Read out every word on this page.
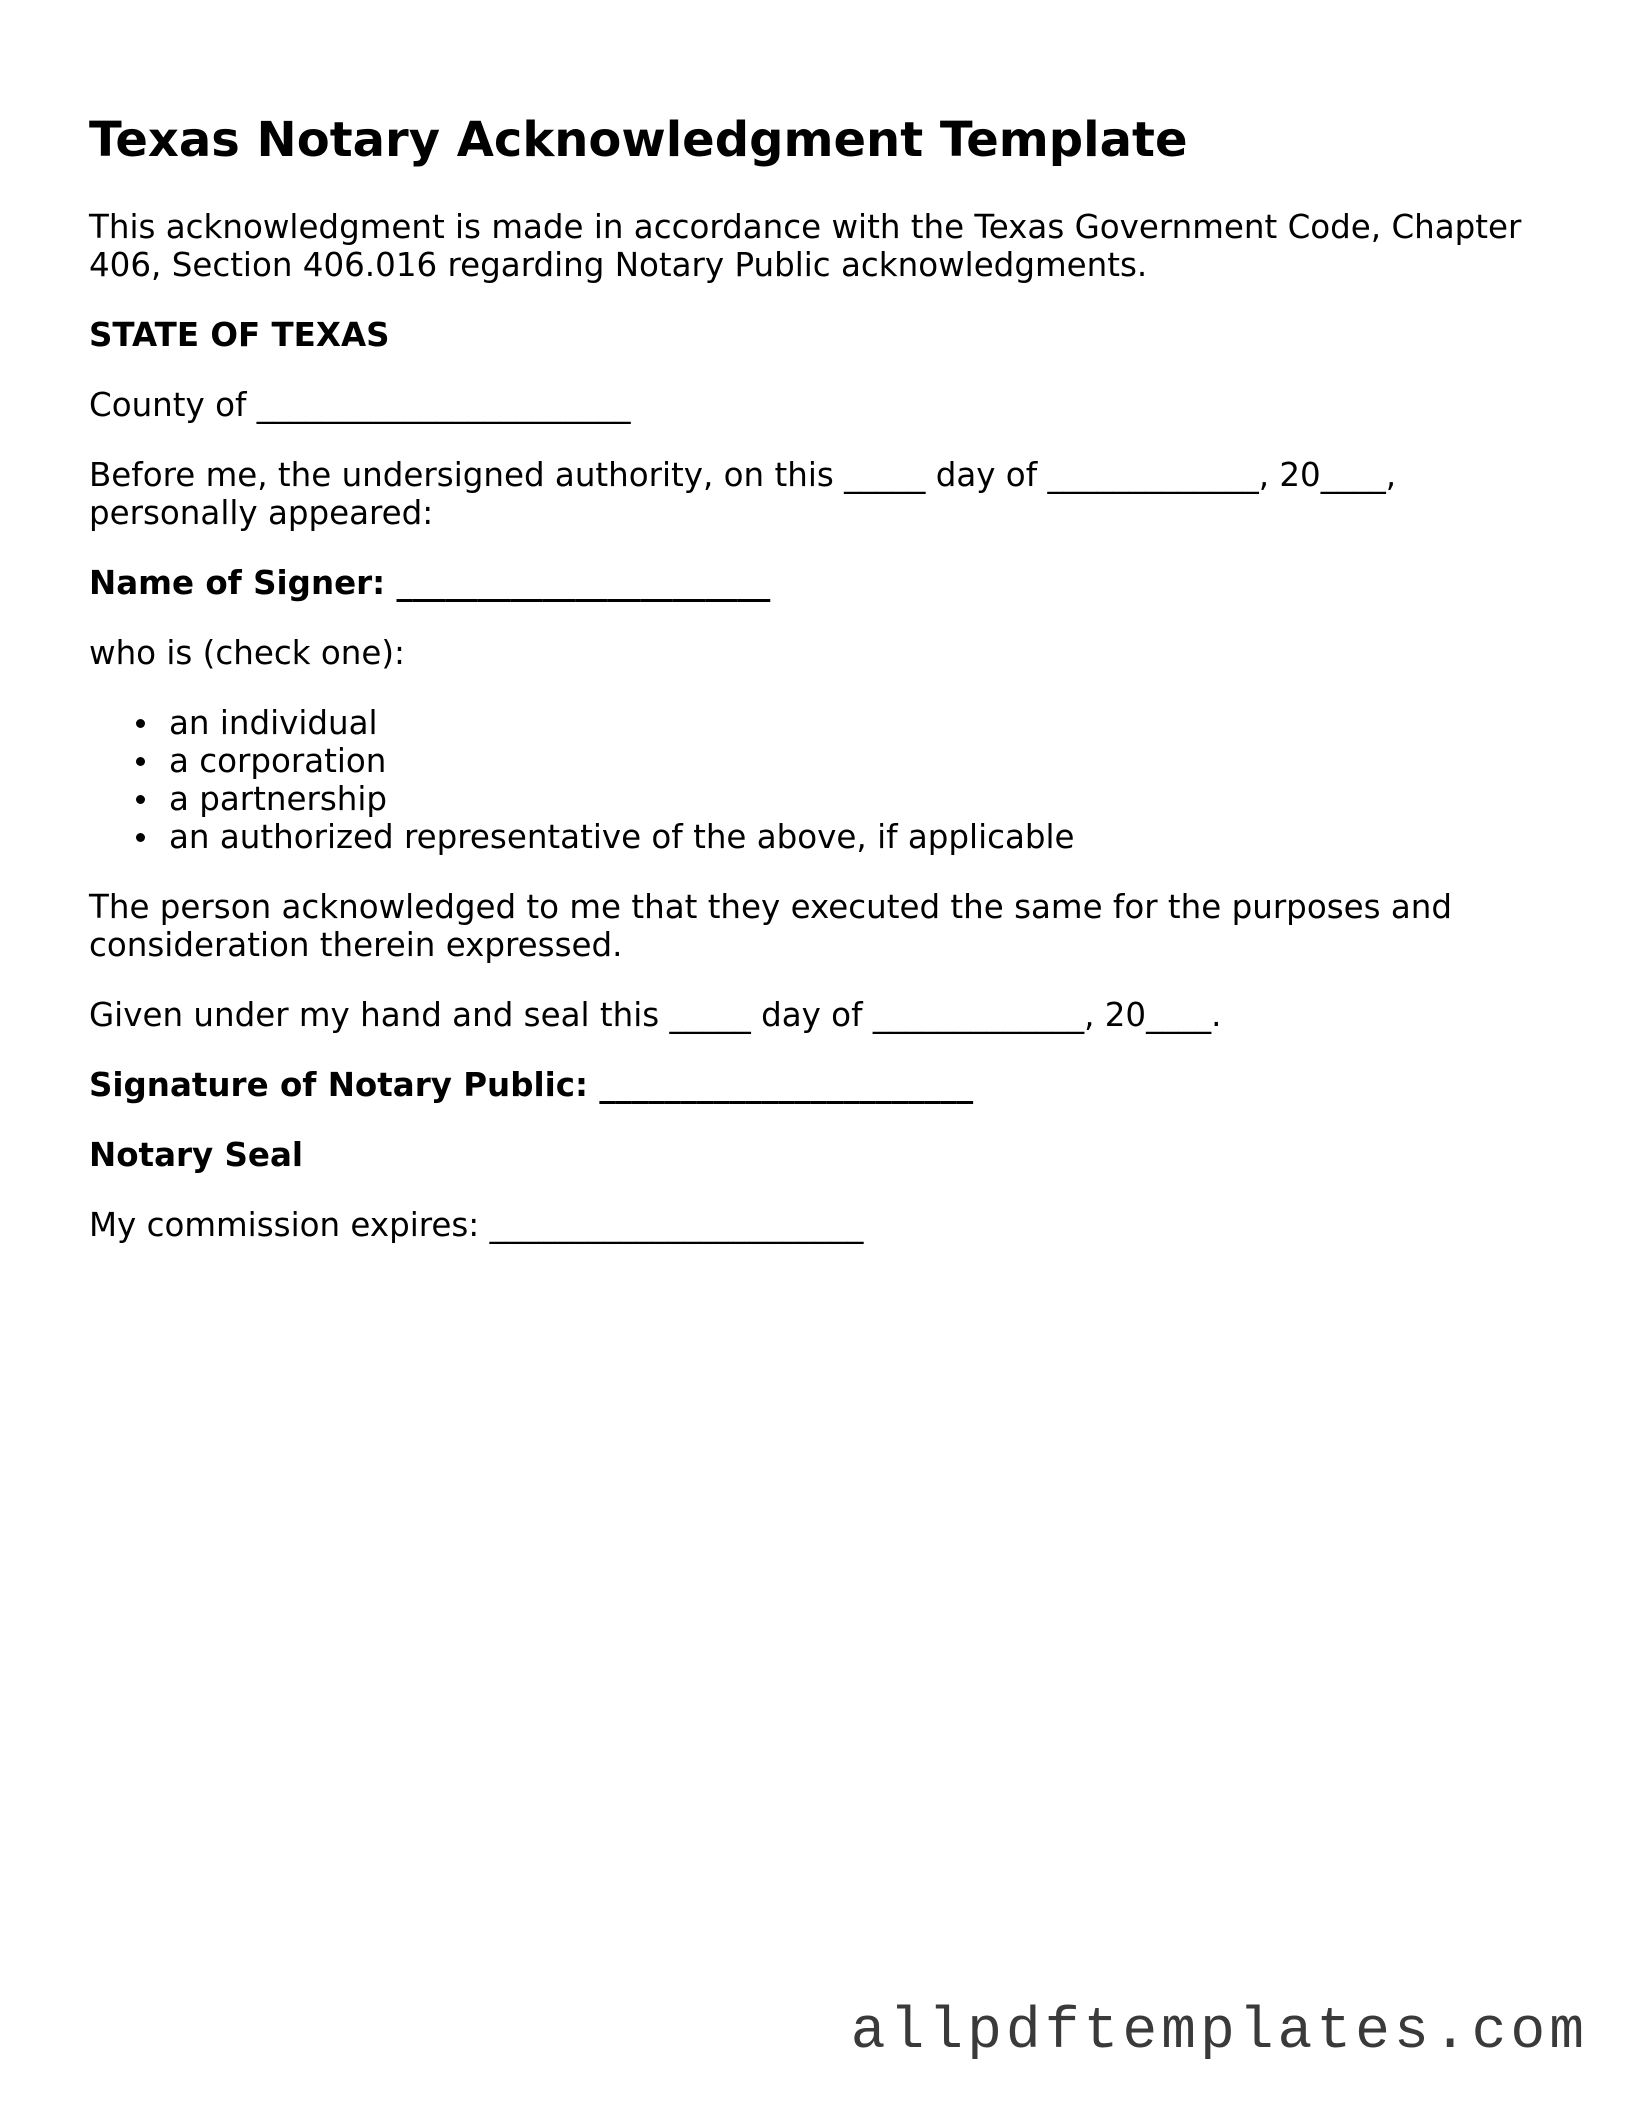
Texas Notary Acknowledgment Template

This acknowledgment is made in accordance with the Texas Government Code, Chapter 406, Section 406.016 regarding Notary Public acknowledgments.

STATE OF TEXAS

County of _______________________

Before me, the undersigned authority, on this _____ day of _____________, 20____, personally appeared:

Name of Signer: _______________________

who is (check one):

an individual
a corporation
a partnership
an authorized representative of the above, if applicable

The person acknowledged to me that they executed the same for the purposes and consideration therein expressed.

Given under my hand and seal this _____ day of _____________, 20____.

Signature of Notary Public: _______________________

Notary Seal

My commission expires: _______________________

allpdftemplates.com
